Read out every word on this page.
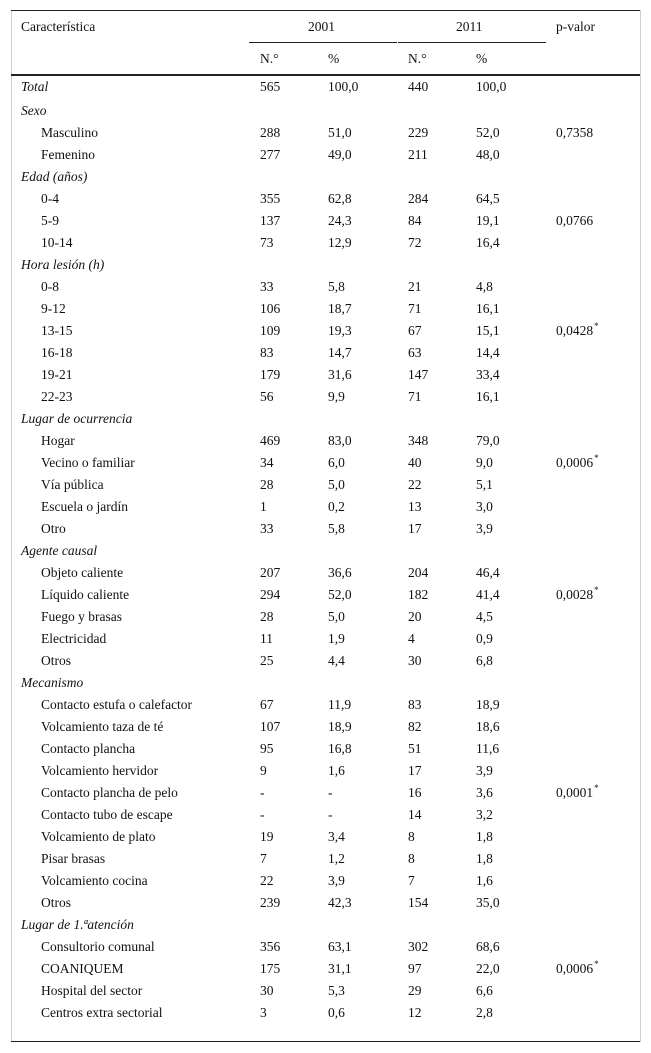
Característica	2001	2011	p-valor
N.°	%	N.°	%
Total	565	100,0	440	100,0
Sexo
Masculino	288	51,0	229	52,0	0,7358
Femenino	277	49,0	211	48,0
Edad (años)
0-4	355	62,8	284	64,5
5-9	137	24,3	84	19,1	0,0766
10-14	73	12,9	72	16,4
Hora lesión (h)
0-8	33	5,8	21	4,8
9-12	106	18,7	71	16,1
13-15	109	19,3	67	15,1	0,0428*
16-18	83	14,7	63	14,4
19-21	179	31,6	147	33,4
22-23	56	9,9	71	16,1
Lugar de ocurrencia
Hogar	469	83,0	348	79,0
Vecino o familiar	34	6,0	40	9,0	0,0006*
Vía pública	28	5,0	22	5,1
Escuela o jardín	1	0,2	13	3,0
Otro	33	5,8	17	3,9
Agente causal
Objeto caliente	207	36,6	204	46,4
Líquido caliente	294	52,0	182	41,4	0,0028*
Fuego y brasas	28	5,0	20	4,5
Electricidad	11	1,9	4	0,9
Otros	25	4,4	30	6,8
Mecanismo
Contacto estufa o calefactor	67	11,9	83	18,9
Volcamiento taza de té	107	18,9	82	18,6
Contacto plancha	95	16,8	51	11,6
Volcamiento hervidor	9	1,6	17	3,9
Contacto plancha de pelo	-	-	16	3,6	0,0001*
Contacto tubo de escape	-	-	14	3,2
Volcamiento de plato	19	3,4	8	1,8
Pisar brasas	7	1,2	8	1,8
Volcamiento cocina	22	3,9	7	1,6
Otros	239	42,3	154	35,0
Lugar de 1.ªatención
Consultorio comunal	356	63,1	302	68,6
COANIQUEM	175	31,1	97	22,0	0,0006*
Hospital del sector	30	5,3	29	6,6
Centros extra sectorial	3	0,6	12	2,8
